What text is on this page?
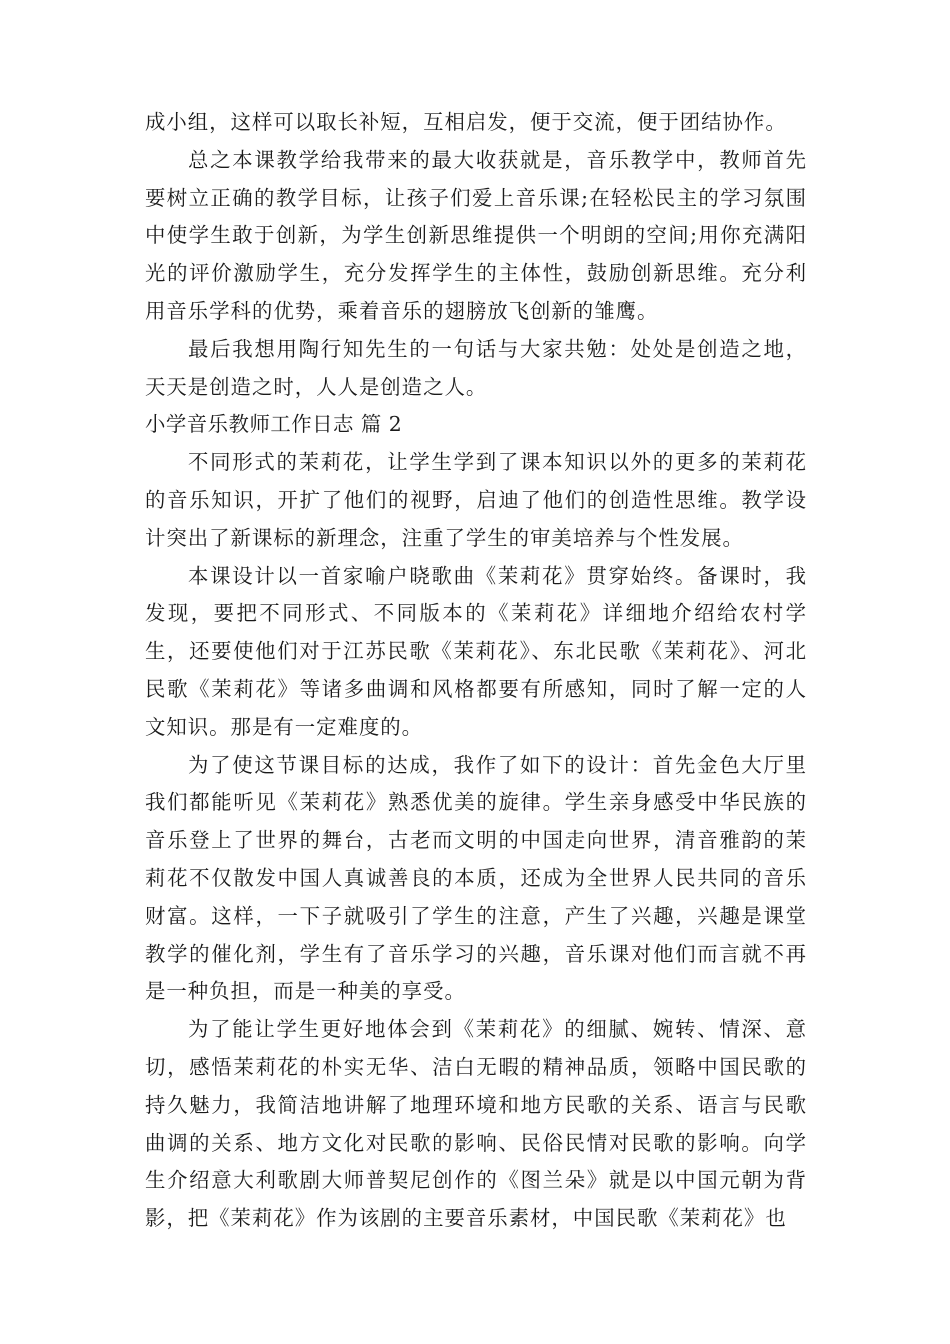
成小组，这样可以取长补短，互相启发，便于交流，便于团结协作。

总之本课教学给我带来的最大收获就是，音乐教学中，教师首先要树立正确的教学目标，让孩子们爱上音乐课;在轻松民主的学习氛围中使学生敢于创新，为学生创新思维提供一个明朗的空间;用你充满阳光的评价激励学生，充分发挥学生的主体性，鼓励创新思维。充分利用音乐学科的优势，乘着音乐的翅膀放飞创新的雏鹰。

最后我想用陶行知先生的一句话与大家共勉：处处是创造之地，天天是创造之时，人人是创造之人。

小学音乐教师工作日志 篇 2

不同形式的茉莉花，让学生学到了课本知识以外的更多的茉莉花的音乐知识，开扩了他们的视野，启迪了他们的创造性思维。教学设计突出了新课标的新理念，注重了学生的审美培养与个性发展。

本课设计以一首家喻户晓歌曲《茉莉花》贯穿始终。备课时，我发现，要把不同形式、不同版本的《茉莉花》详细地介绍给农村学生，还要使他们对于江苏民歌《茉莉花》、东北民歌《茉莉花》、河北民歌《茉莉花》等诸多曲调和风格都要有所感知，同时了解一定的人文知识。那是有一定难度的。

为了使这节课目标的达成，我作了如下的设计：首先金色大厅里我们都能听见《茉莉花》熟悉优美的旋律。学生亲身感受中华民族的音乐登上了世界的舞台，古老而文明的中国走向世界，清音雅韵的茉莉花不仅散发中国人真诚善良的本质，还成为全世界人民共同的音乐财富。这样，一下子就吸引了学生的注意，产生了兴趣，兴趣是课堂教学的催化剂，学生有了音乐学习的兴趣，音乐课对他们而言就不再是一种负担，而是一种美的享受。

为了能让学生更好地体会到《茉莉花》的细腻、婉转、情深、意切，感悟茉莉花的朴实无华、洁白无暇的精神品质，领略中国民歌的持久魅力，我简洁地讲解了地理环境和地方民歌的关系、语言与民歌曲调的关系、地方文化对民歌的影响、民俗民情对民歌的影响。向学生介绍意大利歌剧大师普契尼创作的《图兰朵》就是以中国元朝为背影，把《茉莉花》作为该剧的主要音乐素材，中国民歌《茉莉花》也
